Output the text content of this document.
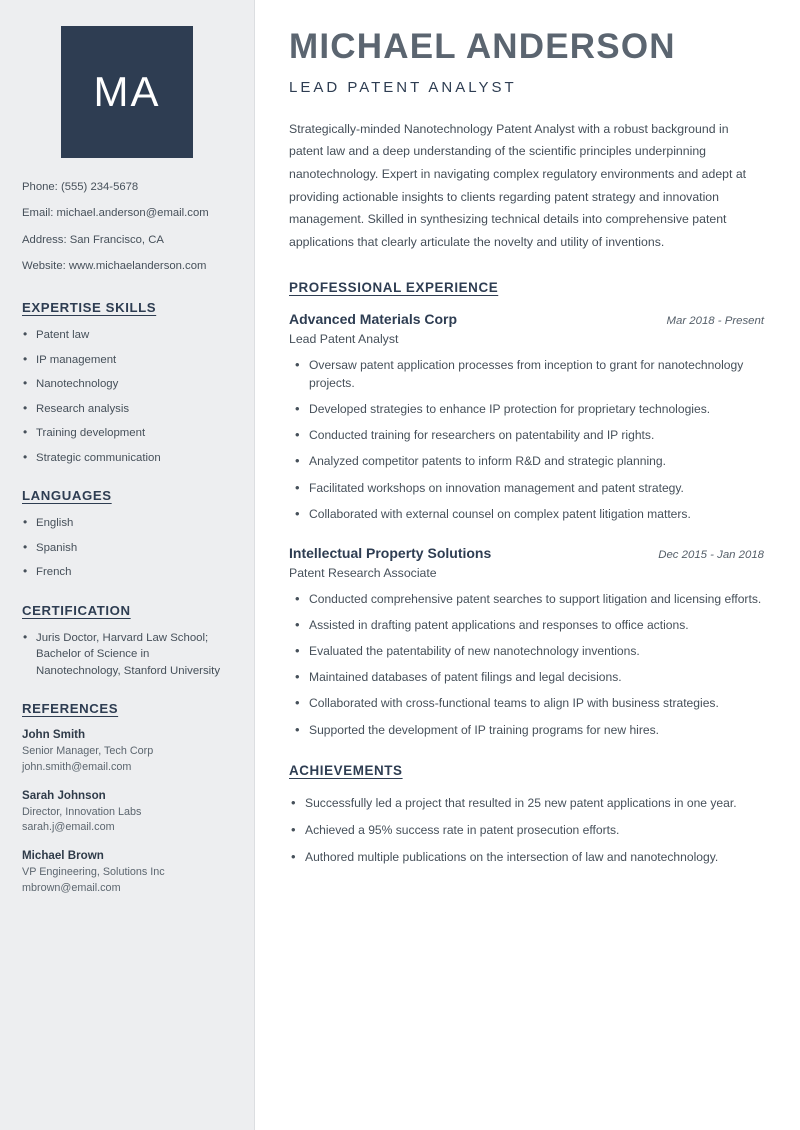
MA
Phone: (555) 234-5678
Email: michael.anderson@email.com
Address: San Francisco, CA
Website: www.michaelanderson.com
EXPERTISE SKILLS
• Patent law
• IP management
• Nanotechnology
• Research analysis
• Training development
• Strategic communication
LANGUAGES
• English
• Spanish
• French
CERTIFICATION
• Juris Doctor, Harvard Law School; Bachelor of Science in Nanotechnology, Stanford University
REFERENCES
John Smith
Senior Manager, Tech Corp
john.smith@email.com
Sarah Johnson
Director, Innovation Labs
sarah.j@email.com
Michael Brown
VP Engineering, Solutions Inc
mbrown@email.com
MICHAEL ANDERSON
LEAD PATENT ANALYST

Strategically-minded Nanotechnology Patent Analyst with a robust background in patent law and a deep understanding of the scientific principles underpinning nanotechnology. Expert in navigating complex regulatory environments and adept at providing actionable insights to clients regarding patent strategy and innovation management. Skilled in synthesizing technical details into comprehensive patent applications that clearly articulate the novelty and utility of inventions.

PROFESSIONAL EXPERIENCE
Advanced Materials Corp	Mar 2018 - Present
Lead Patent Analyst
• Oversaw patent application processes from inception to grant for nanotechnology projects.
• Developed strategies to enhance IP protection for proprietary technologies.
• Conducted training for researchers on patentability and IP rights.
• Analyzed competitor patents to inform R&D and strategic planning.
• Facilitated workshops on innovation management and patent strategy.
• Collaborated with external counsel on complex patent litigation matters.
Intellectual Property Solutions	Dec 2015 - Jan 2018
Patent Research Associate
• Conducted comprehensive patent searches to support litigation and licensing efforts.
• Assisted in drafting patent applications and responses to office actions.
• Evaluated the patentability of new nanotechnology inventions.
• Maintained databases of patent filings and legal decisions.
• Collaborated with cross-functional teams to align IP with business strategies.
• Supported the development of IP training programs for new hires.
ACHIEVEMENTS
• Successfully led a project that resulted in 25 new patent applications in one year.
• Achieved a 95% success rate in patent prosecution efforts.
• Authored multiple publications on the intersection of law and nanotechnology.
